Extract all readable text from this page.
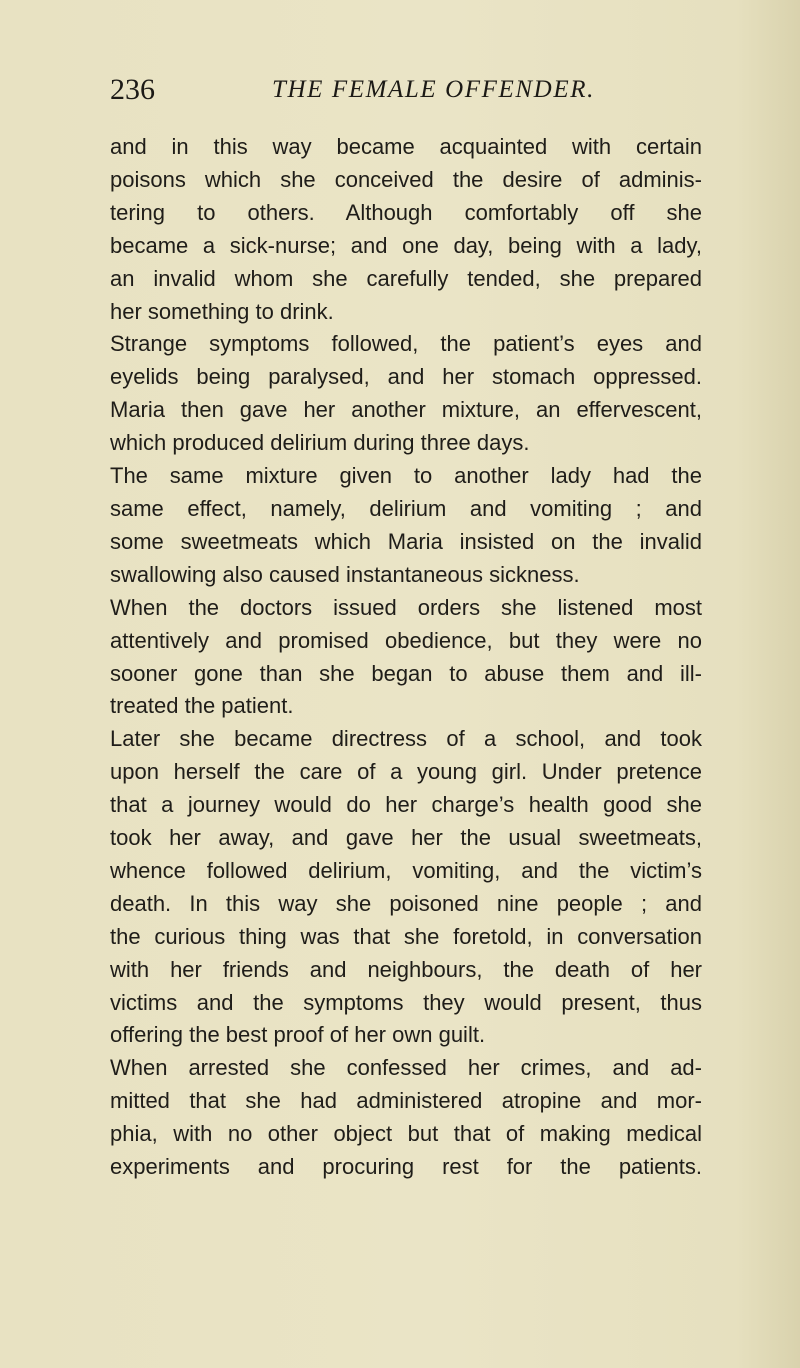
236	THE FEMALE OFFENDER.

and in this way became acquainted with certain

poisons which she conceived the desire of adminis-

tering to others. Although comfortably off she

became a sick-nurse; and one day, being with a lady,

an invalid whom she carefully tended, she prepared

her something to drink.

Strange symptoms followed, the patient’s eyes and

eyelids being paralysed, and her stomach oppressed.

Maria then gave her another mixture, an effervescent,

which produced delirium during three days.

The same mixture given to another lady had the

same effect, namely, delirium and vomiting ; and

some sweetmeats which Maria insisted on the invalid

swallowing also caused instantaneous sickness.

When the doctors issued orders she listened most

attentively and promised obedience, but they were no

sooner gone than she began to abuse them and ill-

treated the patient.

Later she became directress of a school, and took

upon herself the care of a young girl. Under pretence

that a journey would do her charge’s health good she

took her away, and gave her the usual sweetmeats,

whence followed delirium, vomiting, and the victim’s

death. In this way she poisoned nine people ; and

the curious thing was that she foretold, in conversation

with her friends and neighbours, the death of her

victims and the symptoms they would present, thus

offering the best proof of her own guilt.

When arrested she confessed her crimes, and ad-

mitted that she had administered atropine and mor-

phia, with no other object but that of making medical

experiments and procuring rest for the patients.
